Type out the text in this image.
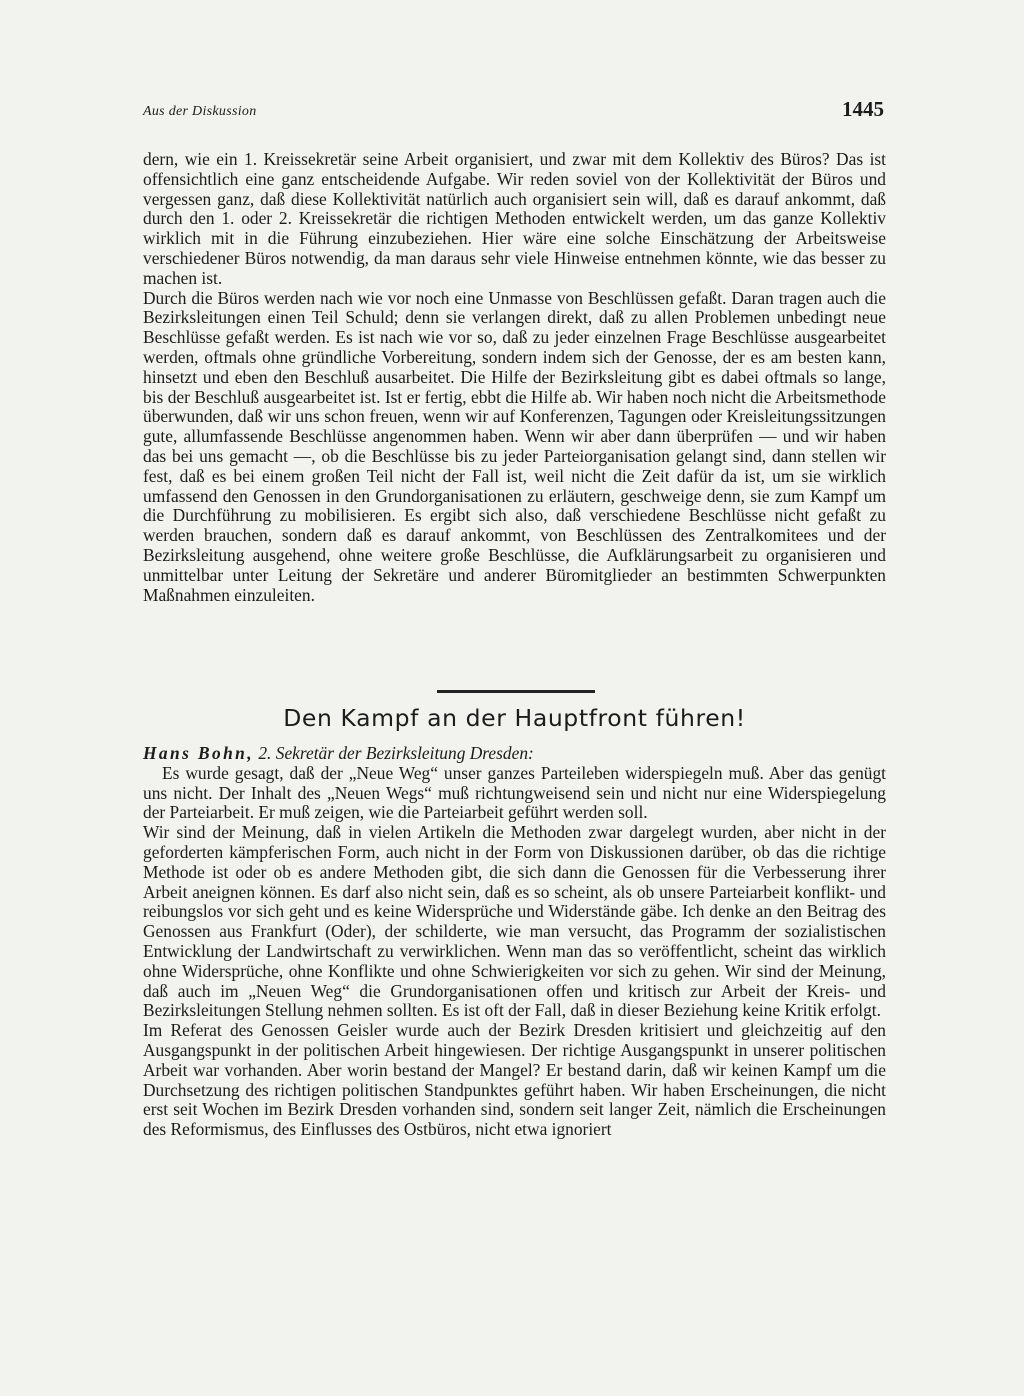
Aus der Diskussion	1445

dern, wie ein 1. Kreissekretär seine Arbeit organisiert, und zwar mit dem Kollektiv des Büros? Das ist offensichtlich eine ganz entscheidende Aufgabe. Wir reden soviel von der Kollektivität der Büros und vergessen ganz, daß diese Kollektivität natürlich auch organisiert sein will, daß es darauf ankommt, daß durch den 1. oder 2. Kreissekretär die richtigen Methoden entwickelt werden, um das ganze Kollektiv wirklich mit in die Führung einzubeziehen. Hier wäre eine solche Einschätzung der Arbeitsweise verschiedener Büros notwendig, da man daraus sehr viele Hinweise entnehmen könnte, wie das besser zu machen ist.

Durch die Büros werden nach wie vor noch eine Unmasse von Beschlüssen gefaßt. Daran tragen auch die Bezirksleitungen einen Teil Schuld; denn sie verlangen direkt, daß zu allen Problemen unbedingt neue Beschlüsse gefaßt werden. Es ist nach wie vor so, daß zu jeder einzelnen Frage Beschlüsse ausgearbeitet werden, oftmals ohne gründliche Vorbereitung, sondern indem sich der Genosse, der es am besten kann, hinsetzt und eben den Beschluß ausarbeitet. Die Hilfe der Bezirksleitung gibt es dabei oftmals so lange, bis der Beschluß ausgearbeitet ist. Ist er fertig, ebbt die Hilfe ab. Wir haben noch nicht die Arbeitsmethode überwunden, daß wir uns schon freuen, wenn wir auf Konferenzen, Tagungen oder Kreisleitungssitzungen gute, allumfassende Beschlüsse angenommen haben. Wenn wir aber dann überprüfen — und wir haben das bei uns gemacht —, ob die Beschlüsse bis zu jeder Parteiorganisation gelangt sind, dann stellen wir fest, daß es bei einem großen Teil nicht der Fall ist, weil nicht die Zeit dafür da ist, um sie wirklich umfassend den Genossen in den Grundorganisationen zu erläutern, geschweige denn, sie zum Kampf um die Durchführung zu mobilisieren. Es ergibt sich also, daß verschiedene Beschlüsse nicht gefaßt zu werden brauchen, sondern daß es darauf ankommt, von Beschlüssen des Zentralkomitees und der Bezirksleitung ausgehend, ohne weitere große Beschlüsse, die Aufklärungsarbeit zu organisieren und unmittelbar unter Leitung der Sekretäre und anderer Büromitglieder an bestimmten Schwerpunkten Maßnahmen einzuleiten.

Den Kampf an der Hauptfront führen!

Hans Bohn, 2. Sekretär der Bezirksleitung Dresden:

Es wurde gesagt, daß der „Neue Weg“ unser ganzes Parteileben widerspiegeln muß. Aber das genügt uns nicht. Der Inhalt des „Neuen Wegs“ muß richtungweisend sein und nicht nur eine Widerspiegelung der Parteiarbeit. Er muß zeigen, wie die Parteiarbeit geführt werden soll.

Wir sind der Meinung, daß in vielen Artikeln die Methoden zwar dargelegt wurden, aber nicht in der geforderten kämpferischen Form, auch nicht in der Form von Diskussionen darüber, ob das die richtige Methode ist oder ob es andere Methoden gibt, die sich dann die Genossen für die Verbesserung ihrer Arbeit aneignen können. Es darf also nicht sein, daß es so scheint, als ob unsere Parteiarbeit konflikt- und reibungslos vor sich geht und es keine Widersprüche und Widerstände gäbe. Ich denke an den Beitrag des Genossen aus Frankfurt (Oder), der schilderte, wie man versucht, das Programm der sozialistischen Entwicklung der Landwirtschaft zu verwirklichen. Wenn man das so veröffentlicht, scheint das wirklich ohne Widersprüche, ohne Konflikte und ohne Schwierigkeiten vor sich zu gehen. Wir sind der Meinung, daß auch im „Neuen Weg“ die Grundorganisationen offen und kritisch zur Arbeit der Kreis- und Bezirksleitungen Stellung nehmen sollten. Es ist oft der Fall, daß in dieser Beziehung keine Kritik erfolgt.

Im Referat des Genossen Geisler wurde auch der Bezirk Dresden kritisiert und gleichzeitig auf den Ausgangspunkt in der politischen Arbeit hingewiesen. Der richtige Ausgangspunkt in unserer politischen Arbeit war vorhanden. Aber worin bestand der Mangel? Er bestand darin, daß wir keinen Kampf um die Durchsetzung des richtigen politischen Standpunktes geführt haben. Wir haben Erscheinungen, die nicht erst seit Wochen im Bezirk Dresden vorhanden sind, sondern seit langer Zeit, nämlich die Erscheinungen des Reformismus, des Einflusses des Ostbüros, nicht etwa ignoriert
